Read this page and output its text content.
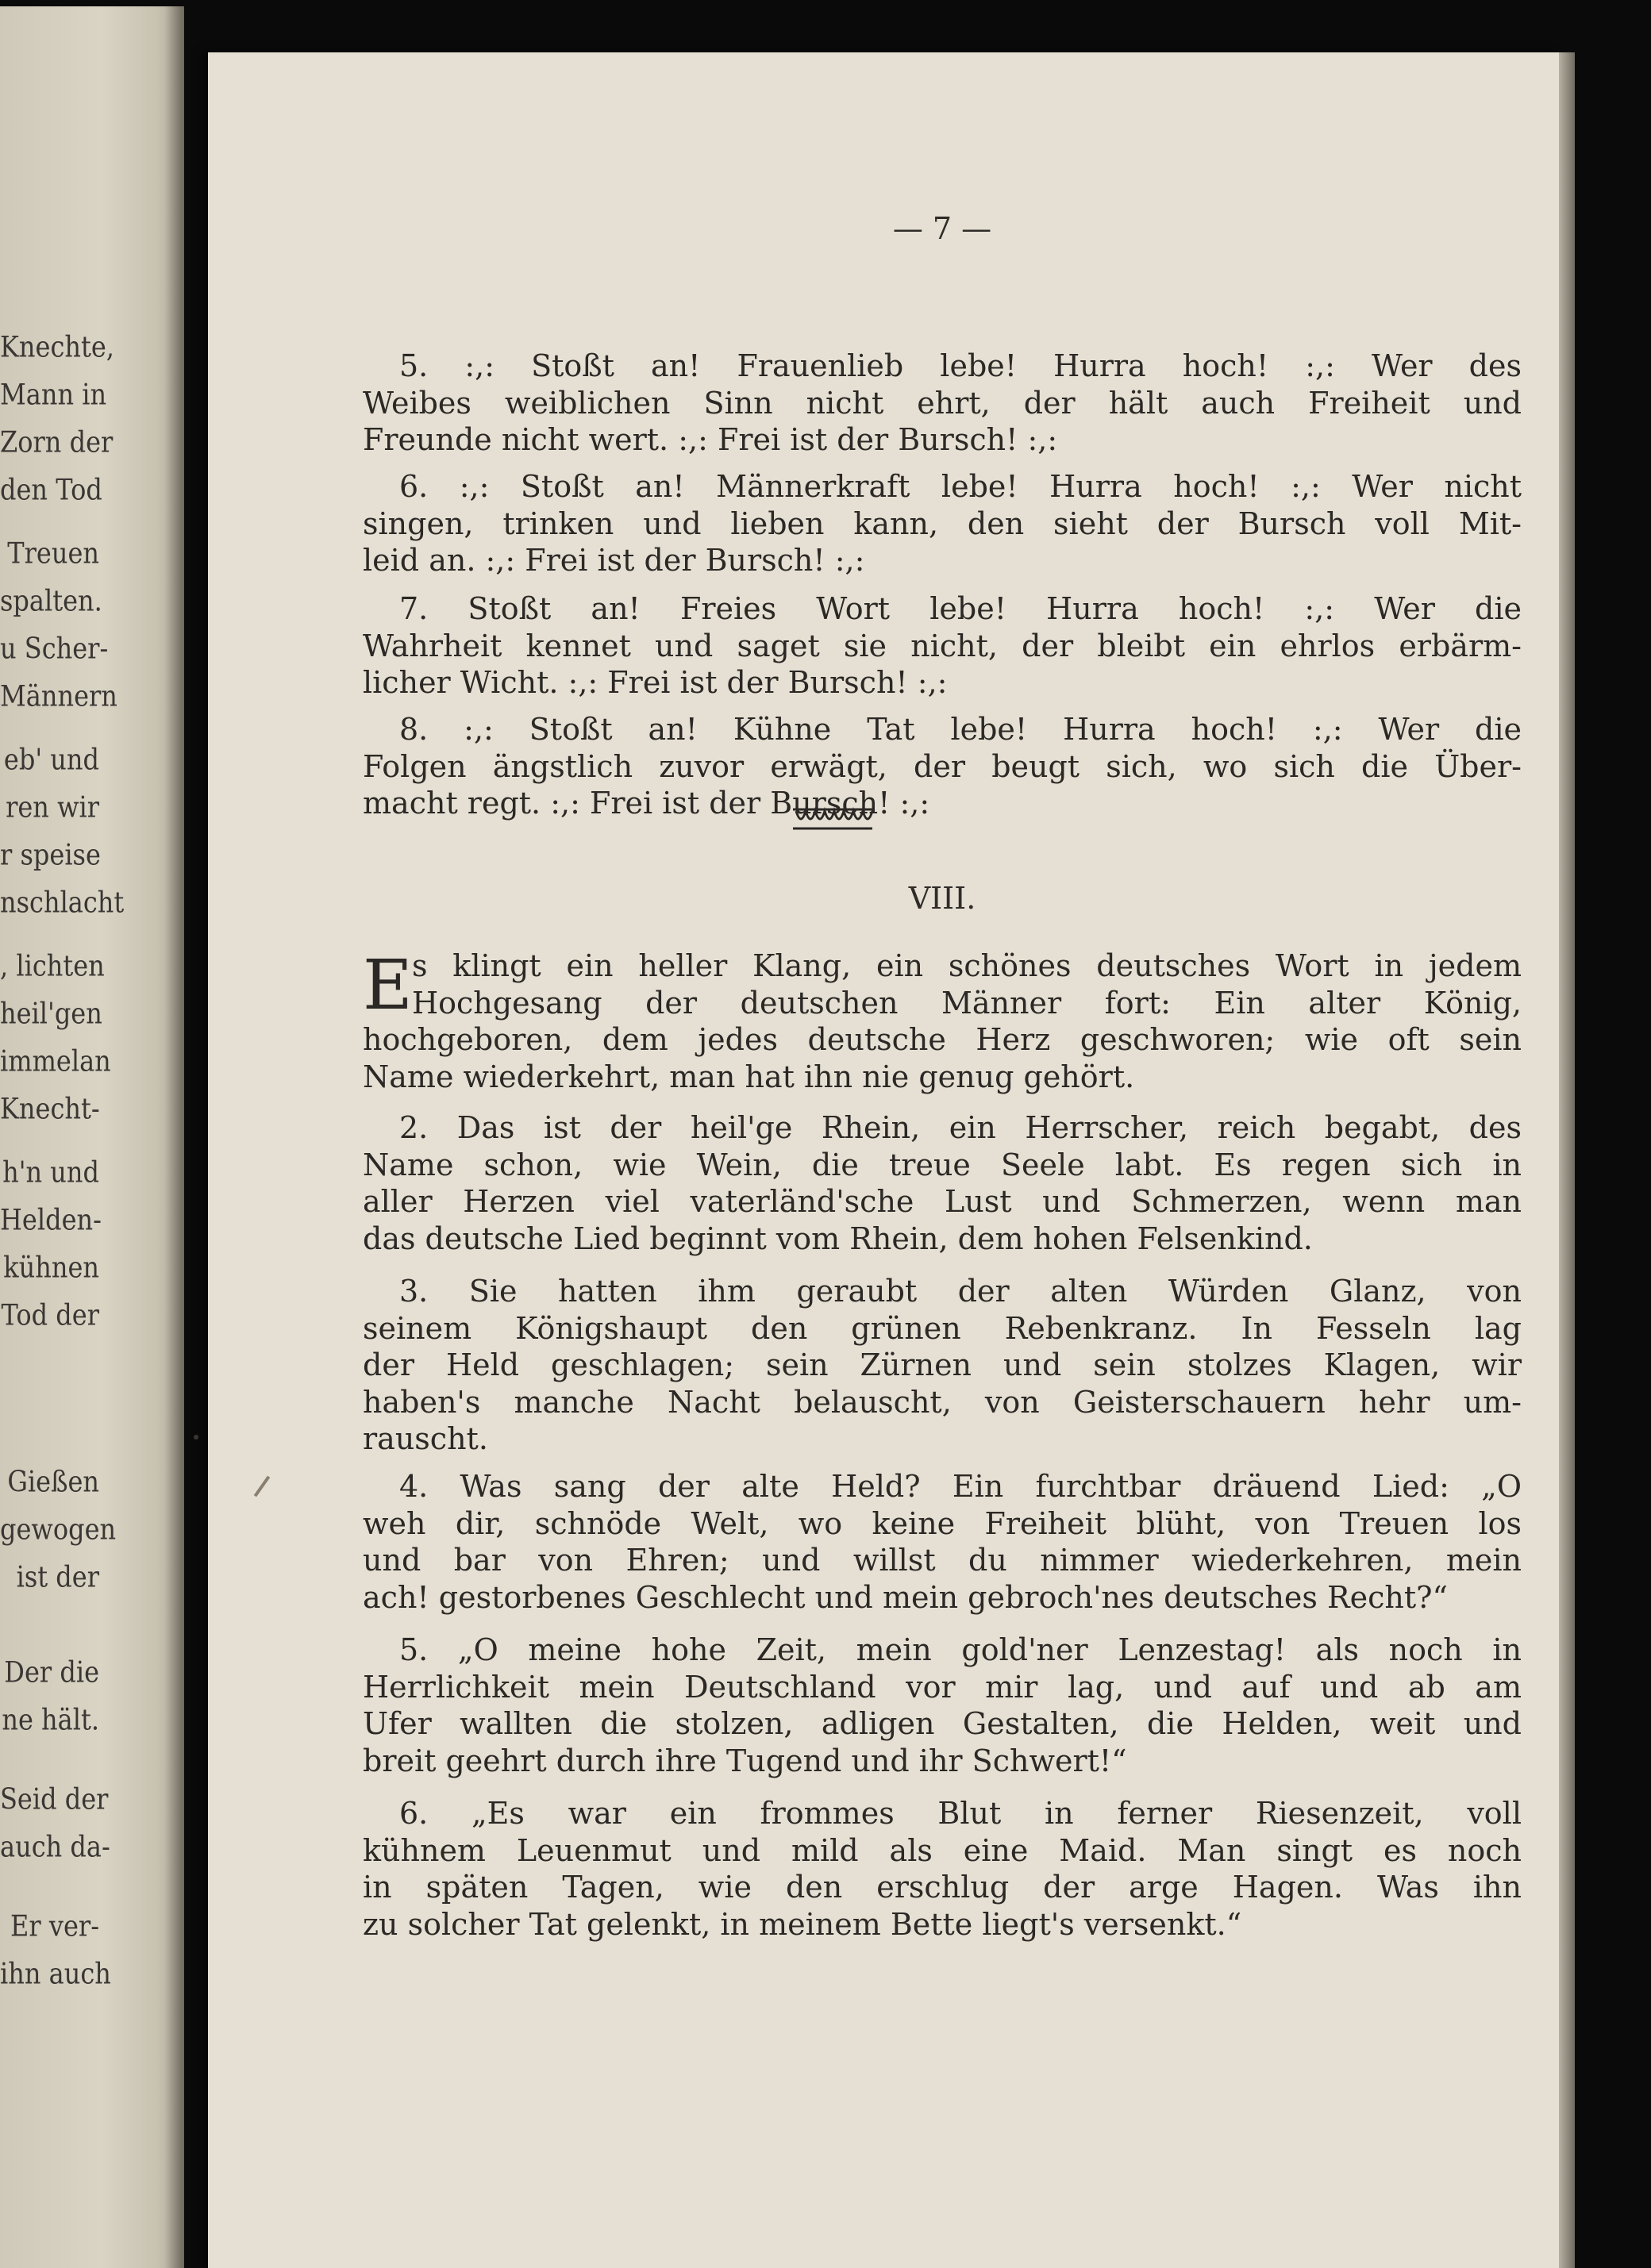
Knechte,
Mann in
Zorn der
den Tod
Treuen
spalten.
u Scher-
Männern
eb' und
ren wir
r speise
nschlacht
, lichten
heil'gen
immelan
Knecht-
h'n und
Helden-
kühnen
Tod der
Gießen
gewogen
ist der
Der die
ne hält.
Seid der
auch da-
Er ver-
ihn auch
— 7 —
5. :,: Stoßt an! Frauenlieb lebe! Hurra hoch! :,: Wer des
Weibes weiblichen Sinn nicht ehrt, der hält auch Freiheit und
Freunde nicht wert. :,: Frei ist der Bursch! :,:
6. :,: Stoßt an! Männerkraft lebe! Hurra hoch! :,: Wer nicht
singen, trinken und lieben kann, den sieht der Bursch voll Mit-
leid an. :,: Frei ist der Bursch! :,:
7. Stoßt an! Freies Wort lebe! Hurra hoch! :,: Wer die
Wahrheit kennet und saget sie nicht, der bleibt ein ehrlos erbärm-
licher Wicht. :,: Frei ist der Bursch! :,:
8. :,: Stoßt an! Kühne Tat lebe! Hurra hoch! :,: Wer die
Folgen ängstlich zuvor erwägt, der beugt sich, wo sich die Über-
macht regt. :,: Frei ist der Bursch! :,:
VIII.
E s klingt ein heller Klang, ein schönes deutsches Wort in jedem
Hochgesang der deutschen Männer fort: Ein alter König,
hochgeboren, dem jedes deutsche Herz geschworen; wie oft sein
Name wiederkehrt, man hat ihn nie genug gehört.
2. Das ist der heil'ge Rhein, ein Herrscher, reich begabt, des
Name schon, wie Wein, die treue Seele labt. Es regen sich in
aller Herzen viel vaterländ'sche Lust und Schmerzen, wenn man
das deutsche Lied beginnt vom Rhein, dem hohen Felsenkind.
3. Sie hatten ihm geraubt der alten Würden Glanz, von
seinem Königshaupt den grünen Rebenkranz. In Fesseln lag
der Held geschlagen; sein Zürnen und sein stolzes Klagen, wir
haben's manche Nacht belauscht, von Geisterschauern hehr um-
rauscht.
4. Was sang der alte Held? Ein furchtbar dräuend Lied: „O
weh dir, schnöde Welt, wo keine Freiheit blüht, von Treuen los
und bar von Ehren; und willst du nimmer wiederkehren, mein
ach! gestorbenes Geschlecht und mein gebroch'nes deutsches Recht?“
5. „O meine hohe Zeit, mein gold'ner Lenzestag! als noch in
Herrlichkeit mein Deutschland vor mir lag, und auf und ab am
Ufer wallten die stolzen, adligen Gestalten, die Helden, weit und
breit geehrt durch ihre Tugend und ihr Schwert!“
6. „Es war ein frommes Blut in ferner Riesenzeit, voll
kühnem Leuenmut und mild als eine Maid. Man singt es noch
in späten Tagen, wie den erschlug der arge Hagen. Was ihn
zu solcher Tat gelenkt, in meinem Bette liegt's versenkt.“
